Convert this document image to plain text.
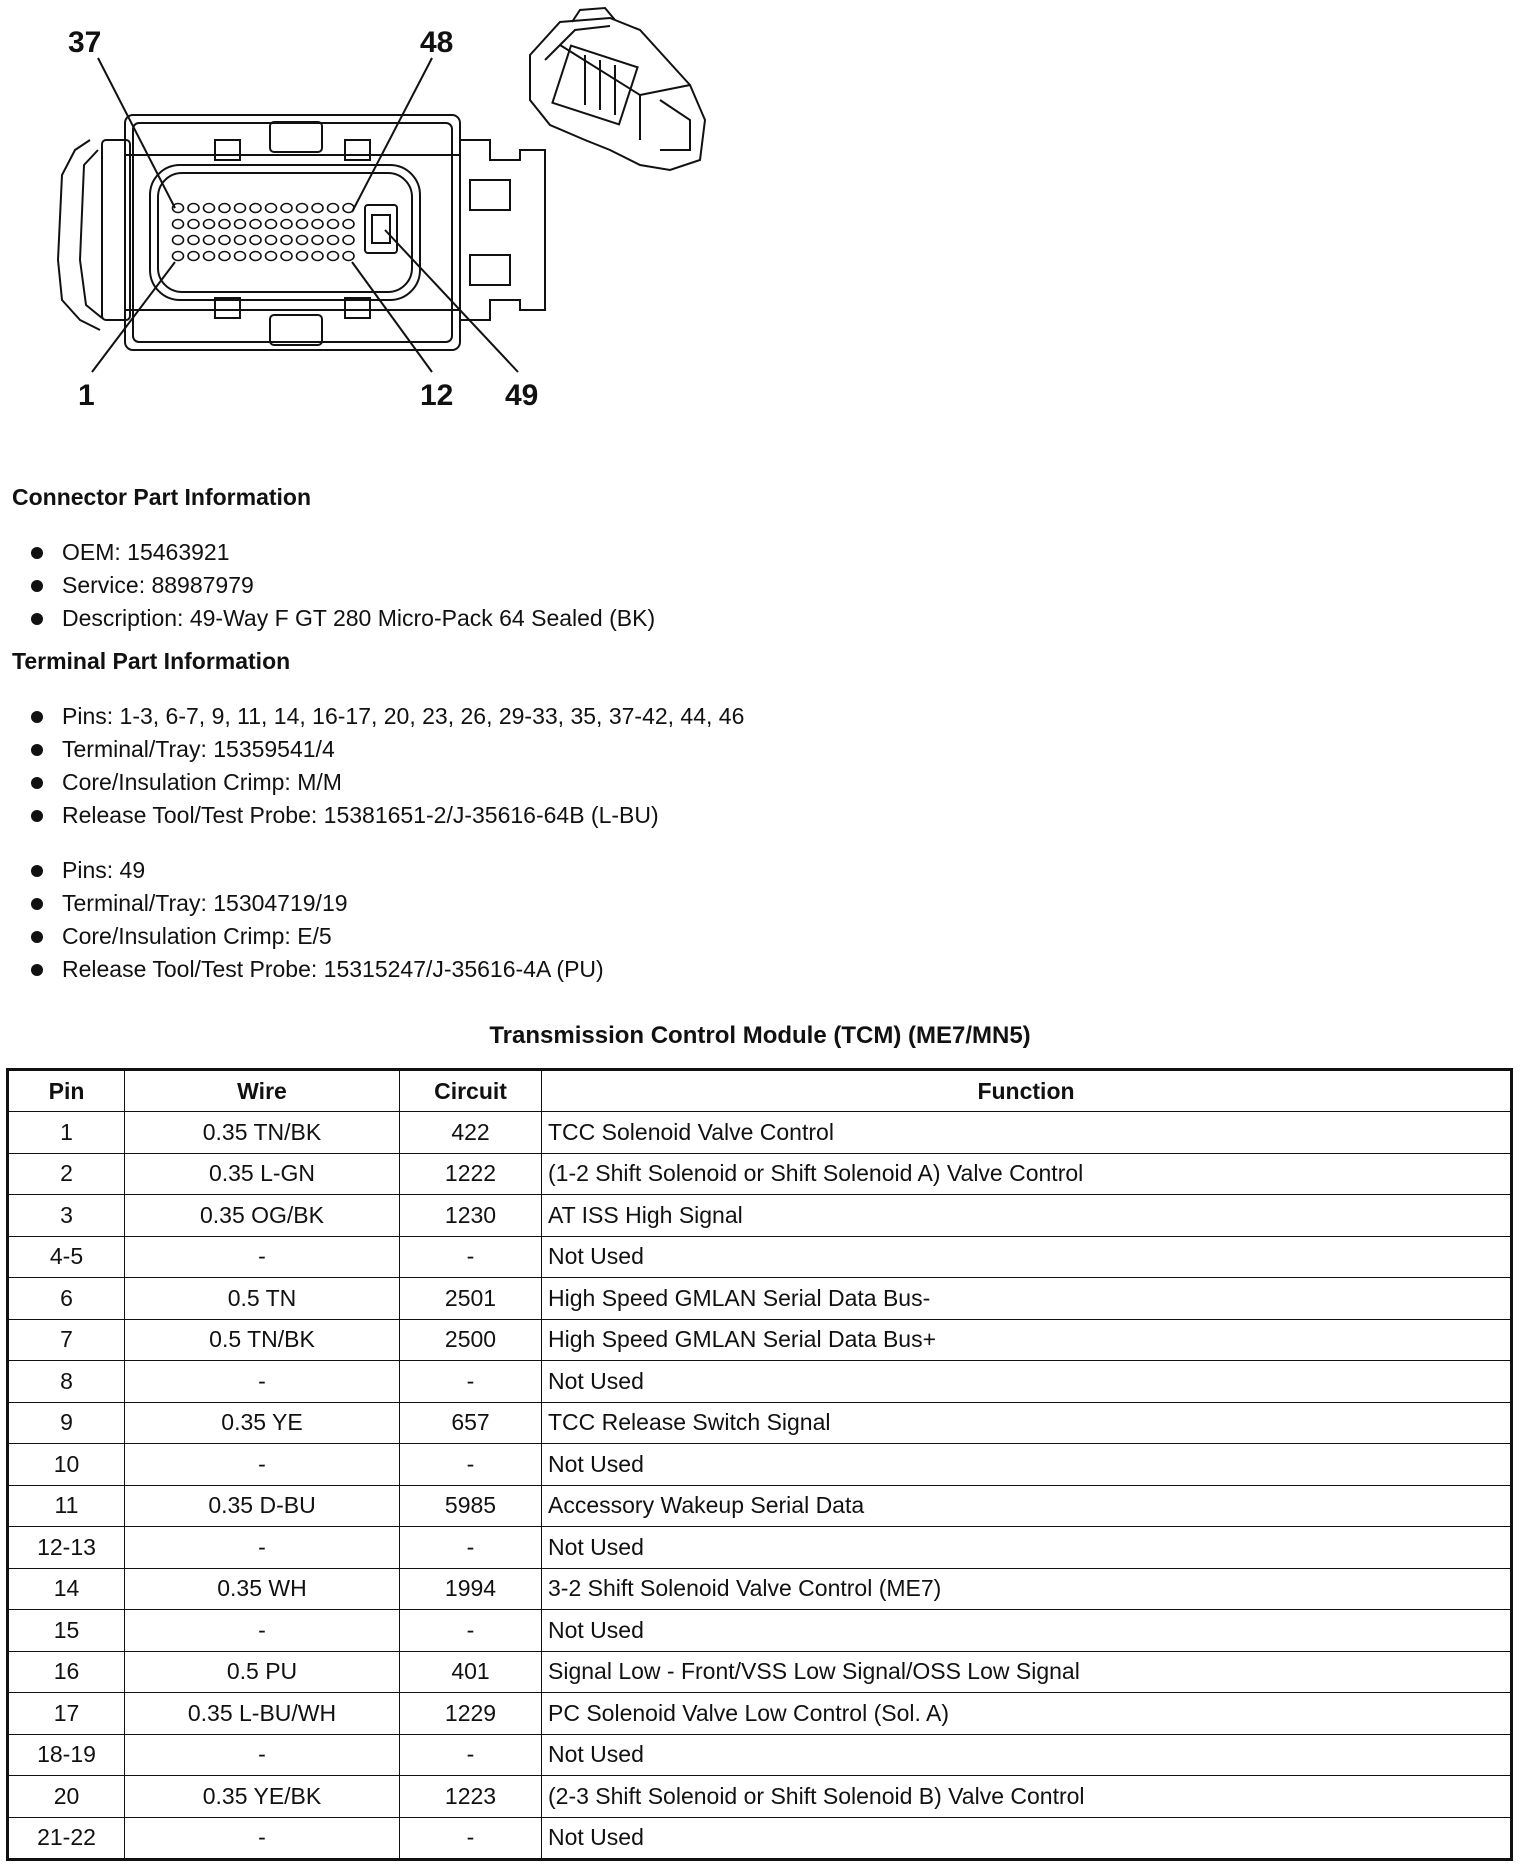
37	48
1	12 49
Connector Part Information
OEM: 15463921
Service: 88987979
Description: 49-Way F GT 280 Micro-Pack 64 Sealed (BK)
Terminal Part Information
Pins: 1-3, 6-7, 9, 11, 14, 16-17, 20, 23, 26, 29-33, 35, 37-42, 44, 46
Terminal/Tray: 15359541/4
Core/Insulation Crimp: M/M
Release Tool/Test Probe: 15381651-2/J-35616-64B (L-BU)
Pins: 49
Terminal/Tray: 15304719/19
Core/Insulation Crimp: E/5
Release Tool/Test Probe: 15315247/J-35616-4A (PU)
Transmission Control Module (TCM) (ME7/MN5)
Pin	Wire	Circuit	Function
1	0.35 TN/BK	422	TCC Solenoid Valve Control
2	0.35 L-GN	1222	(1-2 Shift Solenoid or Shift Solenoid A) Valve Control
3	0.35 OG/BK	1230	AT ISS High Signal
4-5	-	-	Not Used
6	0.5 TN	2501	High Speed GMLAN Serial Data Bus-
7	0.5 TN/BK	2500	High Speed GMLAN Serial Data Bus+
8	-	-	Not Used
9	0.35 YE	657	TCC Release Switch Signal
10	-	-	Not Used
11	0.35 D-BU	5985	Accessory Wakeup Serial Data
12-13	-	-	Not Used
14	0.35 WH	1994	3-2 Shift Solenoid Valve Control (ME7)
15	-	-	Not Used
16	0.5 PU	401	Signal Low - Front/VSS Low Signal/OSS Low Signal
17	0.35 L-BU/WH	1229	PC Solenoid Valve Low Control (Sol. A)
18-19	-	-	Not Used
20	0.35 YE/BK	1223	(2-3 Shift Solenoid or Shift Solenoid B) Valve Control
21-22	-	-	Not Used
